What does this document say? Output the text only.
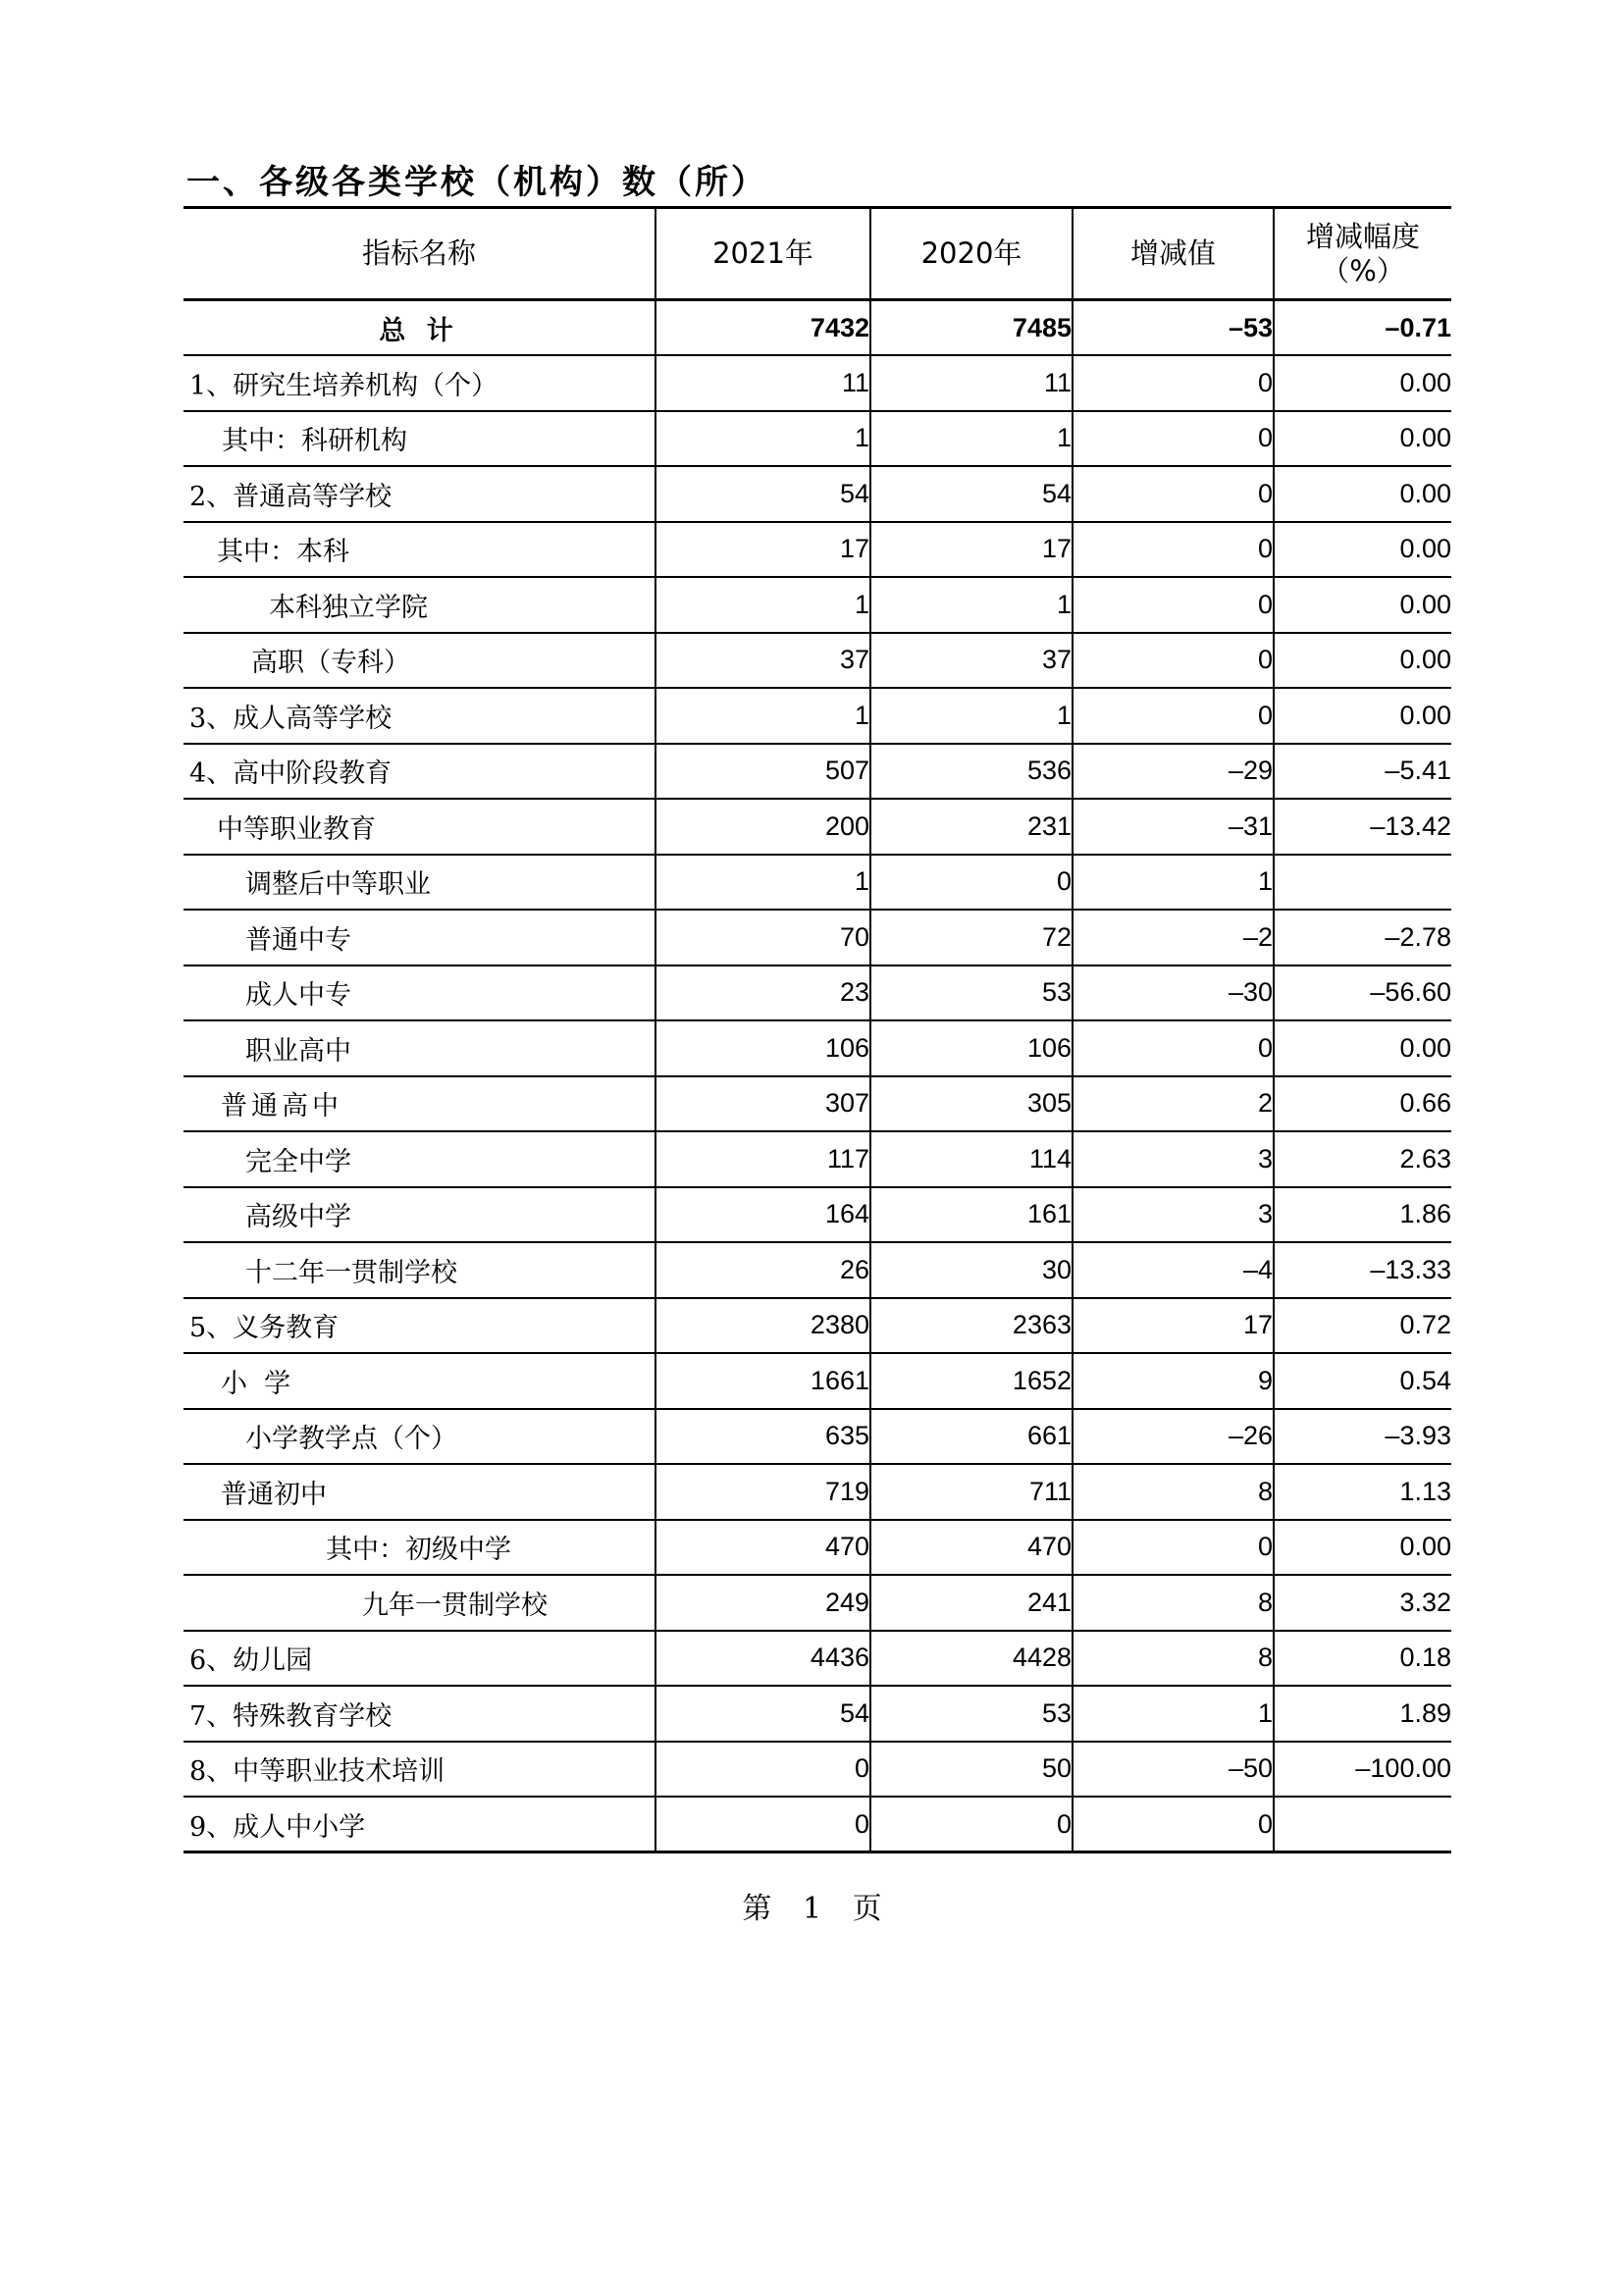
一、各级各类学校（机构）数（所）
指标名称	2021年	2020年	增减值	增减幅度（%）
总 计	7432	7485	–53	–0.71
1、研究生培养机构（个）	11	11	0	0.00
其中：科研机构	1	1	0	0.00
2、普通高等学校	54	54	0	0.00
其中：本科	17	17	0	0.00
本科独立学院	1	1	0	0.00
高职（专科）	37	37	0	0.00
3、成人高等学校	1	1	0	0.00
4、高中阶段教育	507	536	–29	–5.41
中等职业教育	200	231	–31	–13.42
调整后中等职业	1	0	1	
普通中专	70	72	–2	–2.78
成人中专	23	53	–30	–56.60
职业高中	106	106	0	0.00
普通高中	307	305	2	0.66
完全中学	117	114	3	2.63
高级中学	164	161	3	1.86
十二年一贯制学校	26	30	–4	–13.33
5、义务教育	2380	2363	17	0.72
小  学	1661	1652	9	0.54
小学教学点（个）	635	661	–26	–3.93
普通初中	719	711	8	1.13
其中：初级中学	470	470	0	0.00
九年一贯制学校	249	241	8	3.32
6、幼儿园	4436	4428	8	0.18
7、特殊教育学校	54	53	1	1.89
8、中等职业技术培训	0	50	–50	–100.00
9、成人中小学	0	0	0	
第 1 页
